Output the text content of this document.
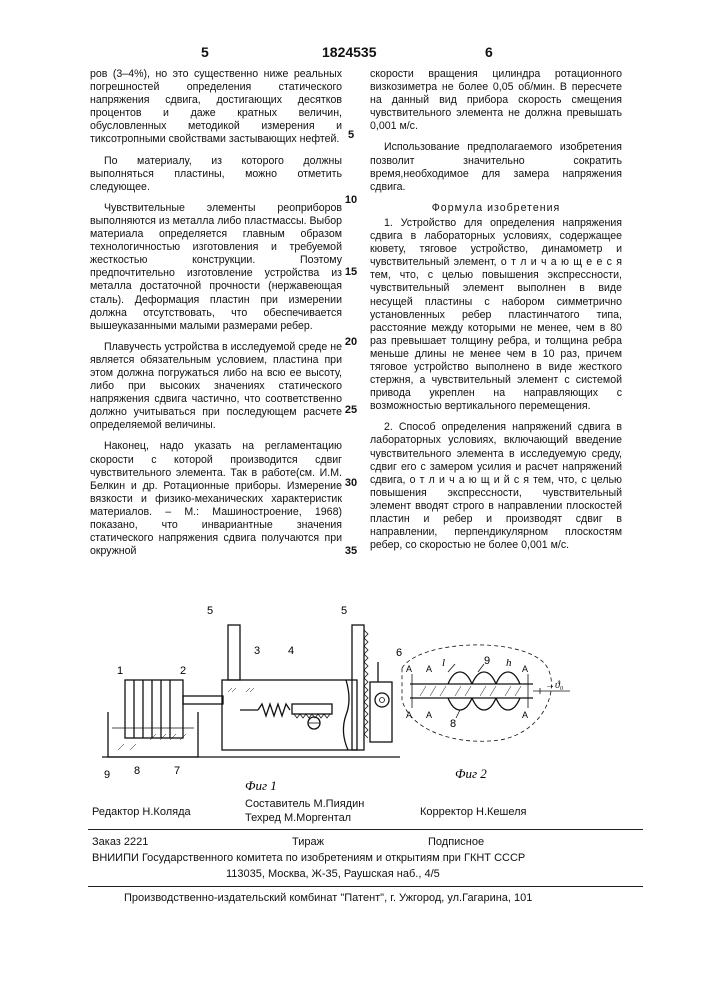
5	1824535	6

ров (3–4%), но это существенно ниже реальных погрешностей определения статического напряжения сдвига, достигающих десятков процентов и даже кратных величин, обусловленных методикой измерения и тиксотропными свойствами застывающих нефтей.

По материалу, из которого должны выполняться пластины, можно отметить следующее.

Чувствительные элементы реоприборов выполняются из металла либо пластмассы. Выбор материала определяется главным образом технологичностью изготовления и требуемой жесткостью конструкции. Поэтому предпочтительно изготовление устройства из металла достаточной прочности (нержавеющая сталь). Деформация пластин при измерении должна отсутствовать, что обеспечивается вышеуказанными малыми размерами ребер.

Плавучесть устройства в исследуемой среде не является обязательным условием, пластина при этом должна погружаться либо на всю ее высоту, либо при высоких значениях статического напряжения сдвига частично, что соответственно должно учитываться при последующем расчете определяемой величины.

Наконец, надо указать на регламентацию скорости с которой производится сдвиг чувствительного элемента. Так в работе(см. И.М. Белкин и др. Ротационные приборы. Измерение вязкости и физико-механических характеристик материалов. – М.: Машиностроение, 1968) показано, что инвариантные значения статического напряжения сдвига получаются при окружной

5
10
15
20
25
30
35

скорости вращения цилиндра ротационного визкозиметра не более 0,05 об/мин. В пересчете на данный вид прибора скорость смещения чувствительного элемента не должна превышать 0,001 м/с.

Использование предполагаемого изобретения позволит значительно сократить время,необходимое для замера напряжения сдвига.

Формула изобретения

1. Устройство для определения напряжения сдвига в лабораторных условиях, содержащее кювету, тяговое устройство, динамометр и чувствительный элемент, о т л и ч а ю щ е е с я тем, что, с целью повышения экспрессности, чувствительный элемент выполнен в виде несущей пластины с набором симметрично установленных ребер пластинчатого типа, расстояние между которыми не менее, чем в 80 раз превышает толщину ребра, и толщина ребра меньше длины не менее чем в 10 раз, причем тяговое устройство выполнено в виде жесткого стержня, а чувствительный элемент с системой привода укреплен на направляющих с возможностью вертикального перемещения.

2. Способ определения напряжений сдвига в лабораторных условиях, включающий введение чувствительного элемента в исследуемую среду, сдвиг его с замером усилия и расчет напряжений сдвига, о т л и ч а ю щ и й с я тем, что, с целью повышения экспрессности, чувствительный элемент вводят строго в направлении плоскостей пластин и ребер и производят сдвиг в направлении, перпендикулярном плоскостям ребер, со скоростью не более 0,001 м/с.

1	2
3	4
5	5
6
7
8
9
Фиг 1
l	9 h
8
А
А
А	А
А
А
→ϑ₀
Фиг 2
Редактор Н.Коляда
Составитель М.Пиядин
Техред М.Моргентал	Корректор Н.Кешеля
Заказ 2221	Тираж	Подписное
ВНИИПИ Государственного комитета по изобретениям и открытиям при ГКНТ СССР
113035, Москва, Ж-35, Раушская наб., 4/5
Производственно-издательский комбинат "Патент", г. Ужгород, ул.Гагарина, 101
